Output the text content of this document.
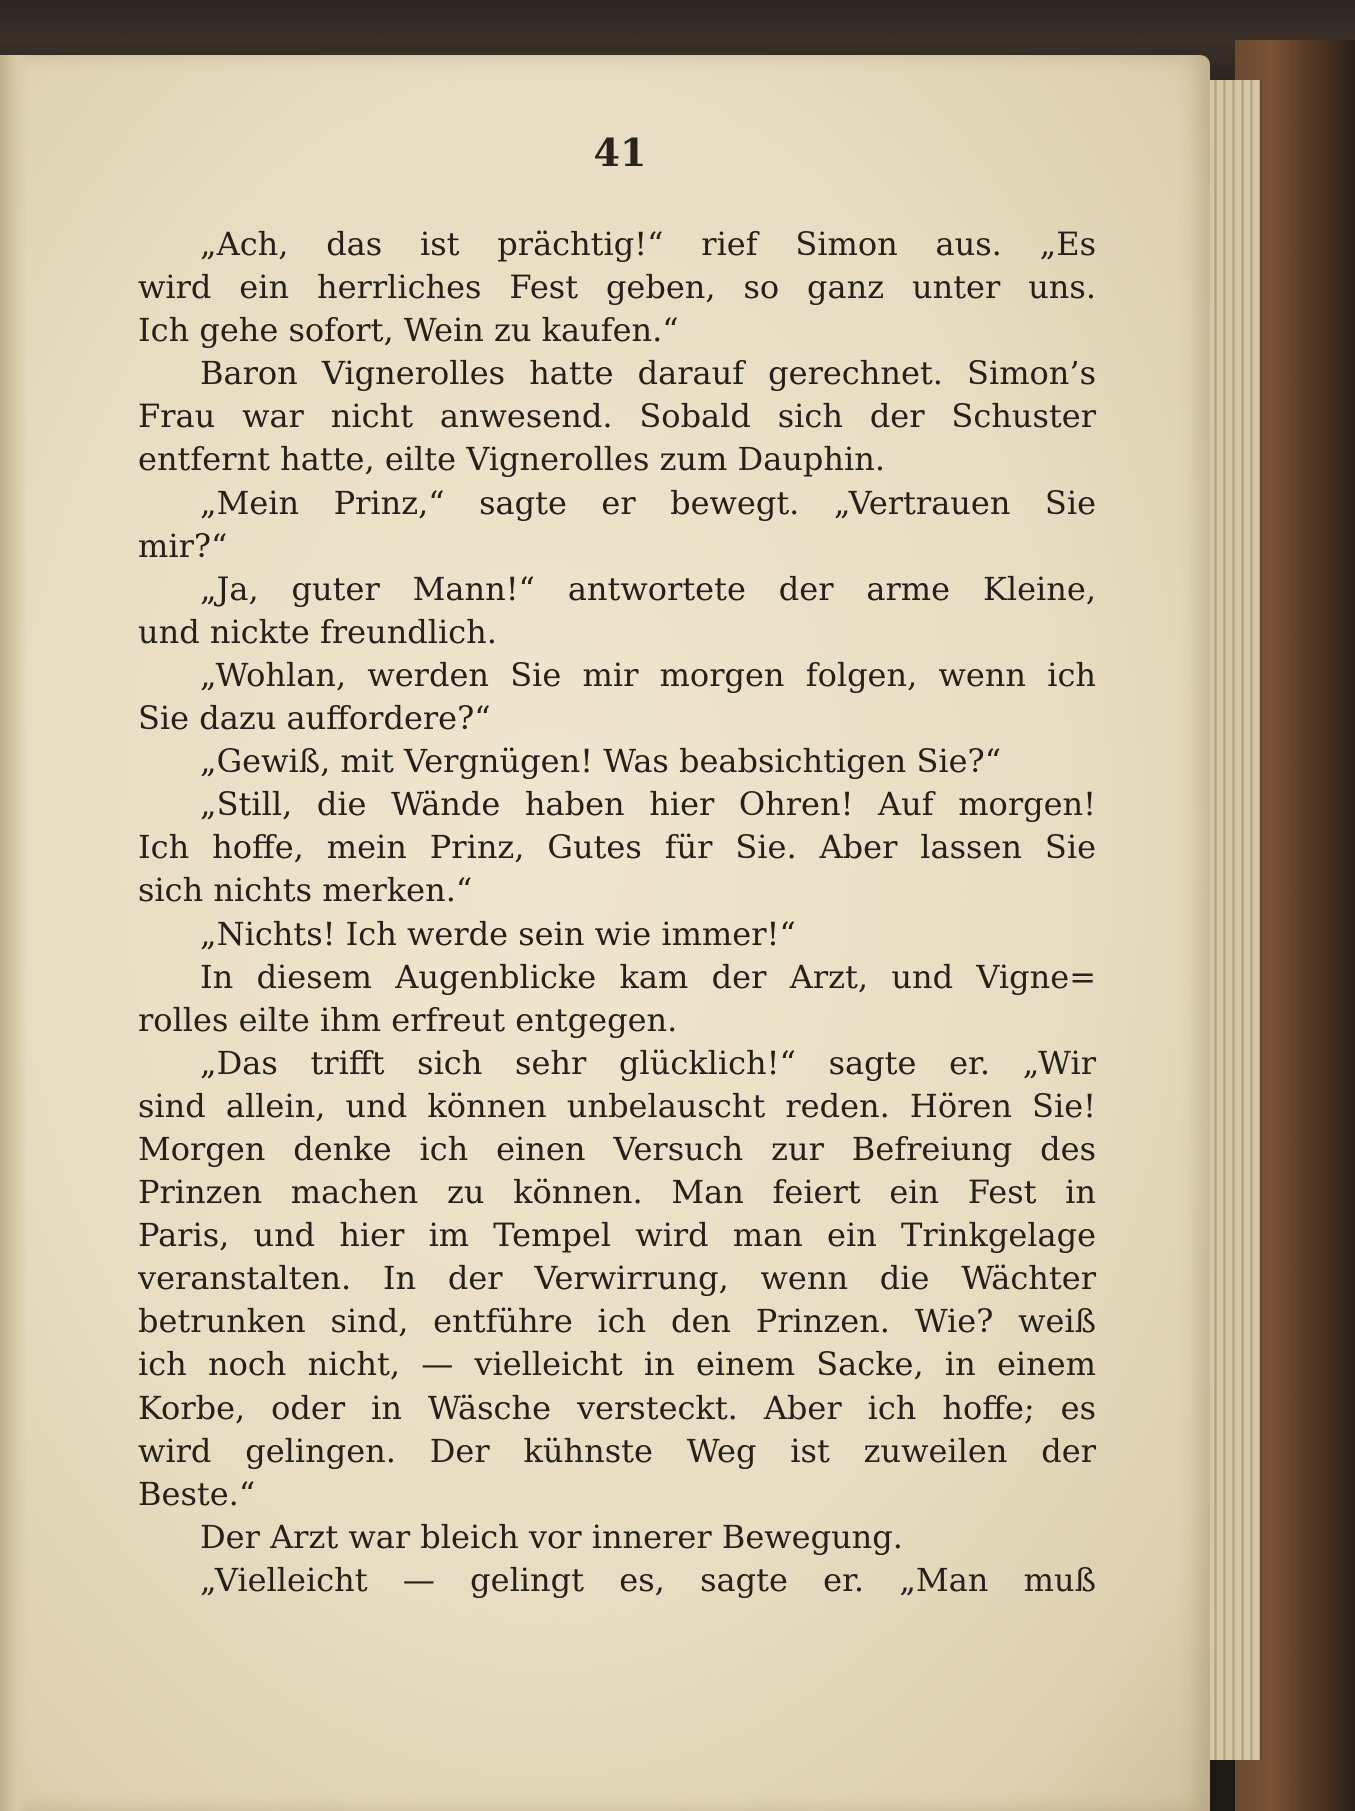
41
„Ach, das ist prächtig!“ rief Simon aus. „Es
wird ein herrliches Fest geben, so ganz unter uns.
Ich gehe sofort, Wein zu kaufen.“
Baron Vignerolles hatte darauf gerechnet. Simon’s
Frau war nicht anwesend. Sobald sich der Schuster
entfernt hatte, eilte Vignerolles zum Dauphin.
„Mein Prinz,“ sagte er bewegt. „Vertrauen Sie
mir?“
„Ja, guter Mann!“ antwortete der arme Kleine,
und nickte freundlich.
„Wohlan, werden Sie mir morgen folgen, wenn ich
Sie dazu auffordere?“
„Gewiß, mit Vergnügen! Was beabsichtigen Sie?“
„Still, die Wände haben hier Ohren! Auf morgen!
Ich hoffe, mein Prinz, Gutes für Sie. Aber lassen Sie
sich nichts merken.“
„Nichts! Ich werde sein wie immer!“
In diesem Augenblicke kam der Arzt, und Vigne=
rolles eilte ihm erfreut entgegen.
„Das trifft sich sehr glücklich!“ sagte er. „Wir
sind allein, und können unbelauscht reden. Hören Sie!
Morgen denke ich einen Versuch zur Befreiung des
Prinzen machen zu können. Man feiert ein Fest in
Paris, und hier im Tempel wird man ein Trinkgelage
veranstalten. In der Verwirrung, wenn die Wächter
betrunken sind, entführe ich den Prinzen. Wie? weiß
ich noch nicht, — vielleicht in einem Sacke, in einem
Korbe, oder in Wäsche versteckt. Aber ich hoffe; es
wird gelingen. Der kühnste Weg ist zuweilen der
Beste.“
Der Arzt war bleich vor innerer Bewegung.
„Vielleicht — gelingt es, sagte er. „Man muß
